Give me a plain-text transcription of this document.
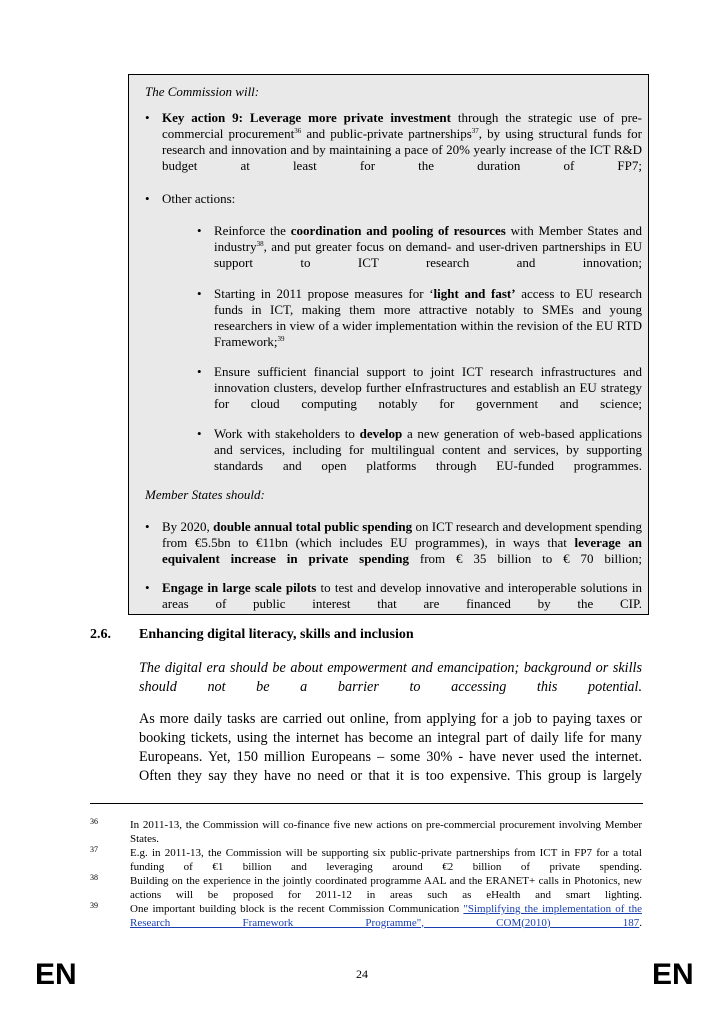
The Commission will:
• Key action 9: Leverage more private investment through the strategic use of pre-commercial procurement$^{36}$ and public-private partnerships$^{37}$, by using structural funds for research and innovation and by maintaining a pace of 20% yearly increase of the ICT R&D budget at least for the duration of FP7;

• Other actions:
• Reinforce the coordination and pooling of resources with Member States and industry$^{38}$, and put greater focus on demand- and user-driven partnerships in EU support to ICT research and innovation;

• Starting in 2011 propose measures for ‘light and fast’ access to EU research funds in ICT, making them more attractive notably to SMEs and young researchers in view of a wider implementation within the revision of the EU RTD Framework;$^{39}$

• Ensure sufficient financial support to joint ICT research infrastructures and innovation clusters, develop further eInfrastructures and establish an EU strategy for cloud computing notably for government and science;

• Work with stakeholders to develop a new generation of web-based applications and services, including for multilingual content and services, by supporting standards and open platforms through EU-funded programmes.

Member States should:
• By 2020, double annual total public spending on ICT research and development spending from €5.5bn to €11bn (which includes EU programmes), in ways that leverage an equivalent increase in private spending from € 35 billion to € 70 billion;

• Engage in large scale pilots to test and develop innovative and interoperable solutions in areas of public interest that are financed by the CIP.

2.6. Enhancing digital literacy, skills and inclusion

The digital era should be about empowerment and emancipation; background or skills should not be a barrier to accessing this potential.

As more daily tasks are carried out online, from applying for a job to paying taxes or booking tickets, using the internet has become an integral part of daily life for many Europeans. Yet, 150 million Europeans – some 30% - have never used the internet. Often they say they have no need or that it is too expensive. This group is largely

36	In 2011-13, the Commission will co-finance five new actions on pre-commercial procurement involving Member States.
37	E.g. in 2011-13, the Commission will be supporting six public-private partnerships from ICT in FP7 for a total funding of €1 billion and leveraging around €2 billion of private spending.
38	Building on the experience in the jointly coordinated programme AAL and the ERANET+ calls in Photonics, new actions will be proposed for 2011-12 in areas such as eHealth and smart lighting.
39	One important building block is the recent Commission Communication "Simplifying the implementation of the Research Framework Programme", COM(2010) 187.
EN	24	EN
